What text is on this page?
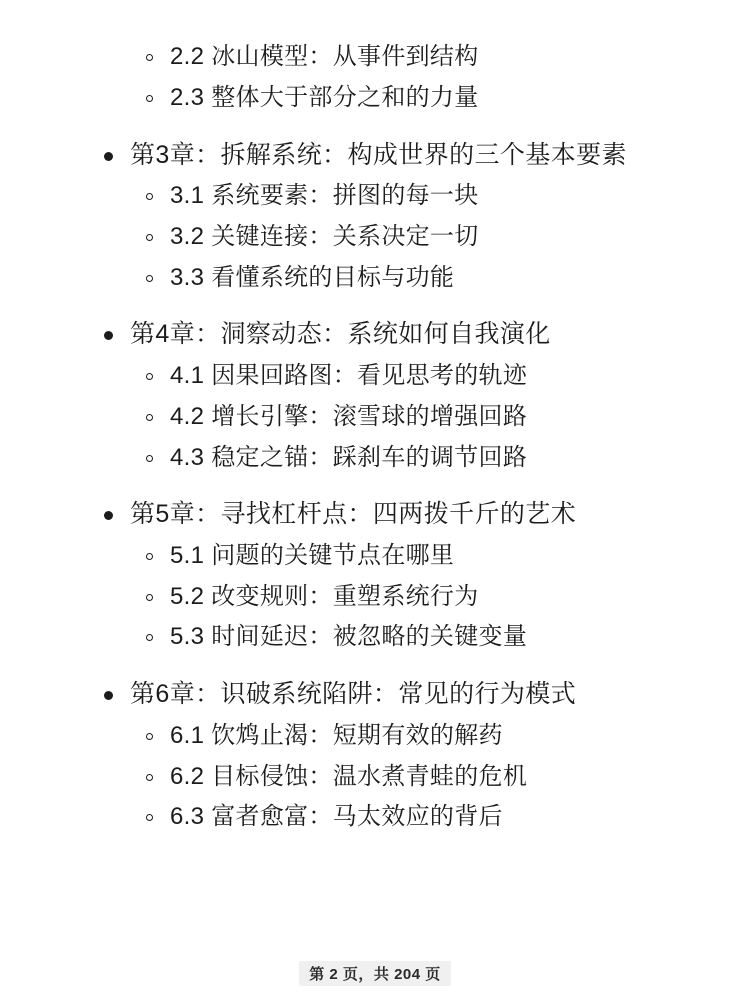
2.2 冰山模型：从事件到结构
2.3 整体大于部分之和的力量
第3章：拆解系统：构成世界的三个基本要素
3.1 系统要素：拼图的每一块
3.2 关键连接：关系决定一切
3.3 看懂系统的目标与功能
第4章：洞察动态：系统如何自我演化
4.1 因果回路图：看见思考的轨迹
4.2 增长引擎：滚雪球的增强回路
4.3 稳定之锚：踩刹车的调节回路
第5章：寻找杠杆点：四两拨千斤的艺术
5.1 问题的关键节点在哪里
5.2 改变规则：重塑系统行为
5.3 时间延迟：被忽略的关键变量
第6章：识破系统陷阱：常见的行为模式
6.1 饮鸩止渴：短期有效的解药
6.2 目标侵蚀：温水煮青蛙的危机
6.3 富者愈富：马太效应的背后
第 2 页，共 204 页
